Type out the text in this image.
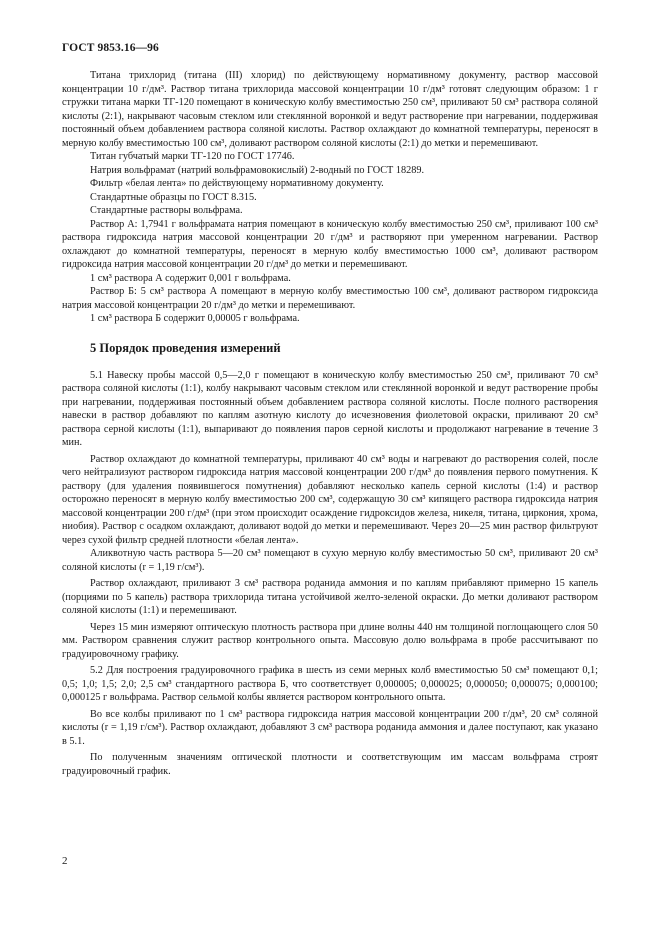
ГОСТ 9853.16—96

Титана трихлорид (титана (III) хлорид) по действующему нормативному документу, раствор массовой концентрации 10 г/дм³. Раствор титана трихлорида массовой концентрации 10 г/дм³ готовят следующим образом: 1 г стружки титана марки ТГ-120 помещают в коническую колбу вместимостью 250 см³, приливают 50 см³ раствора соляной кислоты (2:1), накрывают часовым стеклом или стеклянной воронкой и ведут растворение при нагревании, поддерживая постоянный объем добавлением раствора соляной кислоты. Раствор охлаждают до комнатной температуры, переносят в мерную колбу вместимостью 100 см³, доливают раствором соляной кислоты (2:1) до метки и перемешивают.

Титан губчатый марки ТГ-120 по ГОСТ 17746.

Натрия вольфрамат (натрий вольфрамовокислый) 2-водный по ГОСТ 18289.

Фильтр «белая лента» по действующему нормативному документу.

Стандартные образцы по ГОСТ 8.315.

Стандартные растворы вольфрама.

Раствор А: 1,7941 г вольфрамата натрия помещают в коническую колбу вместимостью 250 см³, приливают 100 см³ раствора гидроксида натрия массовой концентрации 20 г/дм³ и растворяют при умеренном нагревании. Раствор охлаждают до комнатной температуры, переносят в мерную колбу вместимостью 1000 см³, доливают раствором гидроксида натрия массовой концентрации 20 г/дм³ до метки и перемешивают.

1 см³ раствора А содержит 0,001 г вольфрама.

Раствор Б: 5 см³ раствора А помещают в мерную колбу вместимостью 100 см³, доливают раствором гидроксида натрия массовой концентрации 20 г/дм³ до метки и перемешивают.

1 см³ раствора Б содержит 0,00005 г вольфрама.

5 Порядок проведения измерений

5.1 Навеску пробы массой 0,5—2,0 г помещают в коническую колбу вместимостью 250 см³, приливают 70 см³ раствора соляной кислоты (1:1), колбу накрывают часовым стеклом или стеклянной воронкой и ведут растворение пробы при нагревании, поддерживая постоянный объем добавлением раствора соляной кислоты. После полного растворения навески в раствор добавляют по каплям азотную кислоту до исчезновения фиолетовой окраски, приливают 20 см³ раствора серной кислоты (1:1), выпаривают до появления паров серной кислоты и продолжают нагревание в течение 3 мин.

Раствор охлаждают до комнатной температуры, приливают 40 см³ воды и нагревают до растворения солей, после чего нейтрализуют раствором гидроксида натрия массовой концентрации 200 г/дм³ до появления первого помутнения. К раствору (для удаления появившегося помутнения) добавляют несколько капель серной кислоты (1:4) и раствор осторожно переносят в мерную колбу вместимостью 200 см³, содержащую 30 см³ кипящего раствора гидроксида натрия массовой концентрации 200 г/дм³ (при этом происходит осаждение гидроксидов железа, никеля, титана, циркония, хрома, ниобия). Раствор с осадком охлаждают, доливают водой до метки и перемешивают. Через 20—25 мин раствор фильтруют через сухой фильтр средней плотности «белая лента».

Аликвотную часть раствора 5—20 см³ помещают в сухую мерную колбу вместимостью 50 см³, приливают 20 см³ соляной кислоты (r = 1,19 г/см³).

Раствор охлаждают, приливают 3 см³ раствора роданида аммония и по каплям прибавляют примерно 15 капель (порциями по 5 капель) раствора трихлорида титана устойчивой желто-зеленой окраски. До метки доливают раствором соляной кислоты (1:1) и перемешивают.

Через 15 мин измеряют оптическую плотность раствора при длине волны 440 нм толщиной поглощающего слоя 50 мм. Раствором сравнения служит раствор контрольного опыта. Массовую долю вольфрама в пробе рассчитывают по градуировочному графику.

5.2 Для построения градуировочного графика в шесть из семи мерных колб вместимостью 50 см³ помещают 0,1; 0,5; 1,0; 1,5; 2,0; 2,5 см³ стандартного раствора Б, что соответствует 0,000005; 0,000025; 0,000050; 0,000075; 0,000100; 0,000125 г вольфрама. Раствор сельмой колбы является раствором контрольного опыта.

Во все колбы приливают по 1 см³ раствора гидроксида натрия массовой концентрации 200 г/дм³, 20 см³ соляной кислоты (r = 1,19 г/см³). Раствор охлаждают, добавляют 3 см³ раствора роданида аммония и далее поступают, как указано в 5.1.

По полученным значениям оптической плотности и соответствующим им массам вольфрама строят градуировочный график.

2
